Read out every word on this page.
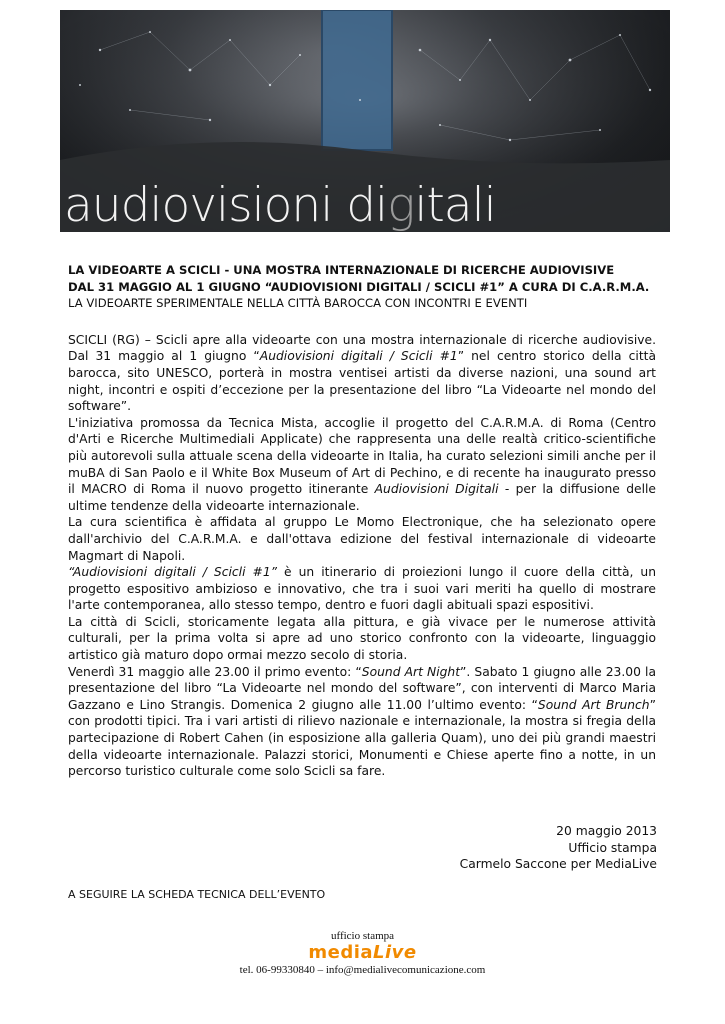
audiovisioni digitali
LA VIDEOARTE A SCICLI - UNA MOSTRA INTERNAZIONALE DI RICERCHE AUDIOVISIVE
DAL 31 MAGGIO AL 1 GIUGNO “AUDIOVISIONI DIGITALI / SCICLI #1” A CURA DI C.A.R.M.A.
LA VIDEOARTE SPERIMENTALE NELLA CITTÀ BAROCCA CON INCONTRI E EVENTI

SCICLI (RG) – Scicli apre alla videoarte con una mostra internazionale di ricerche audiovisive. Dal 31 maggio al 1 giugno “Audiovisioni digitali / Scicli #1” nel centro storico della città barocca, sito UNESCO, porterà in mostra ventisei artisti da diverse nazioni, una sound art night, incontri e ospiti d’eccezione per la presentazione del libro “La Videoarte nel mondo del software”.

L'iniziativa promossa da Tecnica Mista, accoglie il progetto del C.A.R.M.A. di Roma (Centro d'Arti e Ricerche Multimediali Applicate) che rappresenta una delle realtà critico-scientifiche più autorevoli sulla attuale scena della videoarte in Italia, ha curato selezioni simili anche per il muBA di San Paolo e il White Box Museum of Art di Pechino, e di recente ha inaugurato presso il MACRO di Roma il nuovo progetto itinerante Audiovisioni Digitali - per la diffusione delle ultime tendenze della videoarte internazionale.

La cura scientifica è affidata al gruppo Le Momo Electronique, che ha selezionato opere dall'archivio del C.A.R.M.A. e dall'ottava edizione del festival internazionale di videoarte Magmart di Napoli.

“Audiovisioni digitali / Scicli #1” è un itinerario di proiezioni lungo il cuore della città, un progetto espositivo ambizioso e innovativo, che tra i suoi vari meriti ha quello di mostrare l'arte contemporanea, allo stesso tempo, dentro e fuori dagli abituali spazi espositivi.

La città di Scicli, storicamente legata alla pittura, e già vivace per le numerose attività culturali, per la prima volta si apre ad uno storico confronto con la videoarte, linguaggio artistico già maturo dopo ormai mezzo secolo di storia.

Venerdì 31 maggio alle 23.00 il primo evento: “Sound Art Night”. Sabato 1 giugno alle 23.00 la presentazione del libro “La Videoarte nel mondo del software”, con interventi di Marco Maria Gazzano e Lino Strangis. Domenica 2 giugno alle 11.00 l’ultimo evento: “Sound Art Brunch” con prodotti tipici. Tra i vari artisti di rilievo nazionale e internazionale, la mostra si fregia della partecipazione di Robert Cahen (in esposizione alla galleria Quam), uno dei più grandi maestri della videoarte internazionale. Palazzi storici, Monumenti e Chiese aperte fino a notte, in un percorso turistico culturale come solo Scicli sa fare.

20 maggio 2013
Ufficio stampa
Carmelo Saccone per MediaLive
A SEGUIRE LA SCHEDA TECNICA DELL’EVENTO
ufficio stampa
mediaLive
tel. 06-99330840 – info@medialivecomunicazione.com
